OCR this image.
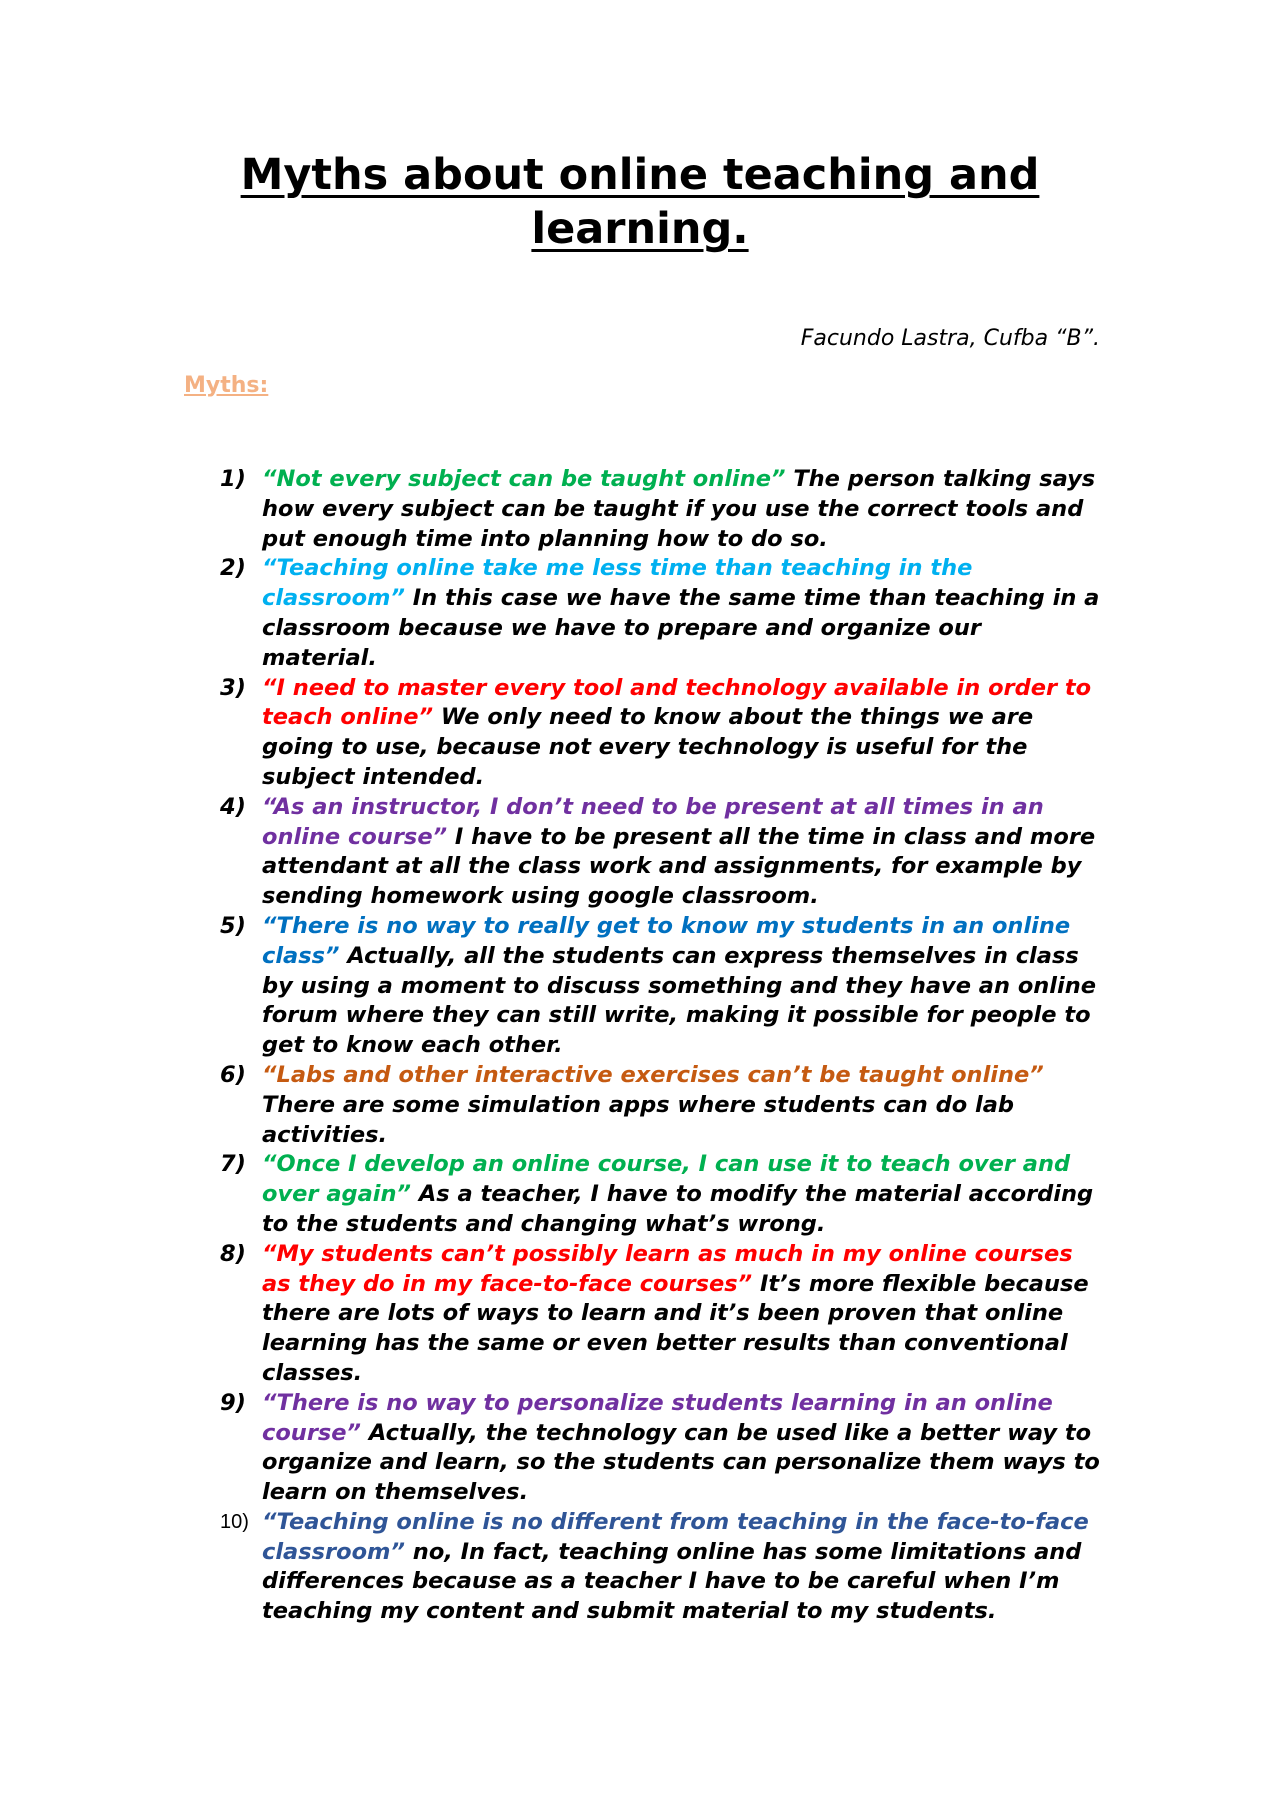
Myths about online teaching and
learning.
Facundo Lastra, Cufba “B”.
Myths:
1) “Not every subject can be taught online” The person talking says how every subject can be taught if you use the correct tools and put enough time into planning how to do so.
2) “Teaching online take me less time than teaching in the classroom” In this case we have the same time than teaching in a classroom because we have to prepare and organize our material.
3) “I need to master every tool and technology available in order to teach online” We only need to know about the things we are going to use, because not every technology is useful for the subject intended.
4) “As an instructor, I don’t need to be present at all times in an online course” I have to be present all the time in class and more attendant at all the class work and assignments, for example by sending homework using google classroom.
5) “There is no way to really get to know my students in an online class” Actually, all the students can express themselves in class by using a moment to discuss something and they have an online forum where they can still write, making it possible for people to get to know each other.
6) “Labs and other interactive exercises can’t be taught online” There are some simulation apps where students can do lab activities.
7) “Once I develop an online course, I can use it to teach over and over again” As a teacher, I have to modify the material according to the students and changing what’s wrong.
8) “My students can’t possibly learn as much in my online courses as they do in my face-to-face courses” It’s more flexible because there are lots of ways to learn and it’s been proven that online learning has the same or even better results than conventional classes.
9) “There is no way to personalize students learning in an online course” Actually, the technology can be used like a better way to organize and learn, so the students can personalize them ways to learn on themselves.
10) “Teaching online is no different from teaching in the face-to-face classroom” no, In fact, teaching online has some limitations and differences because as a teacher I have to be careful when I’m teaching my content and submit material to my students.
